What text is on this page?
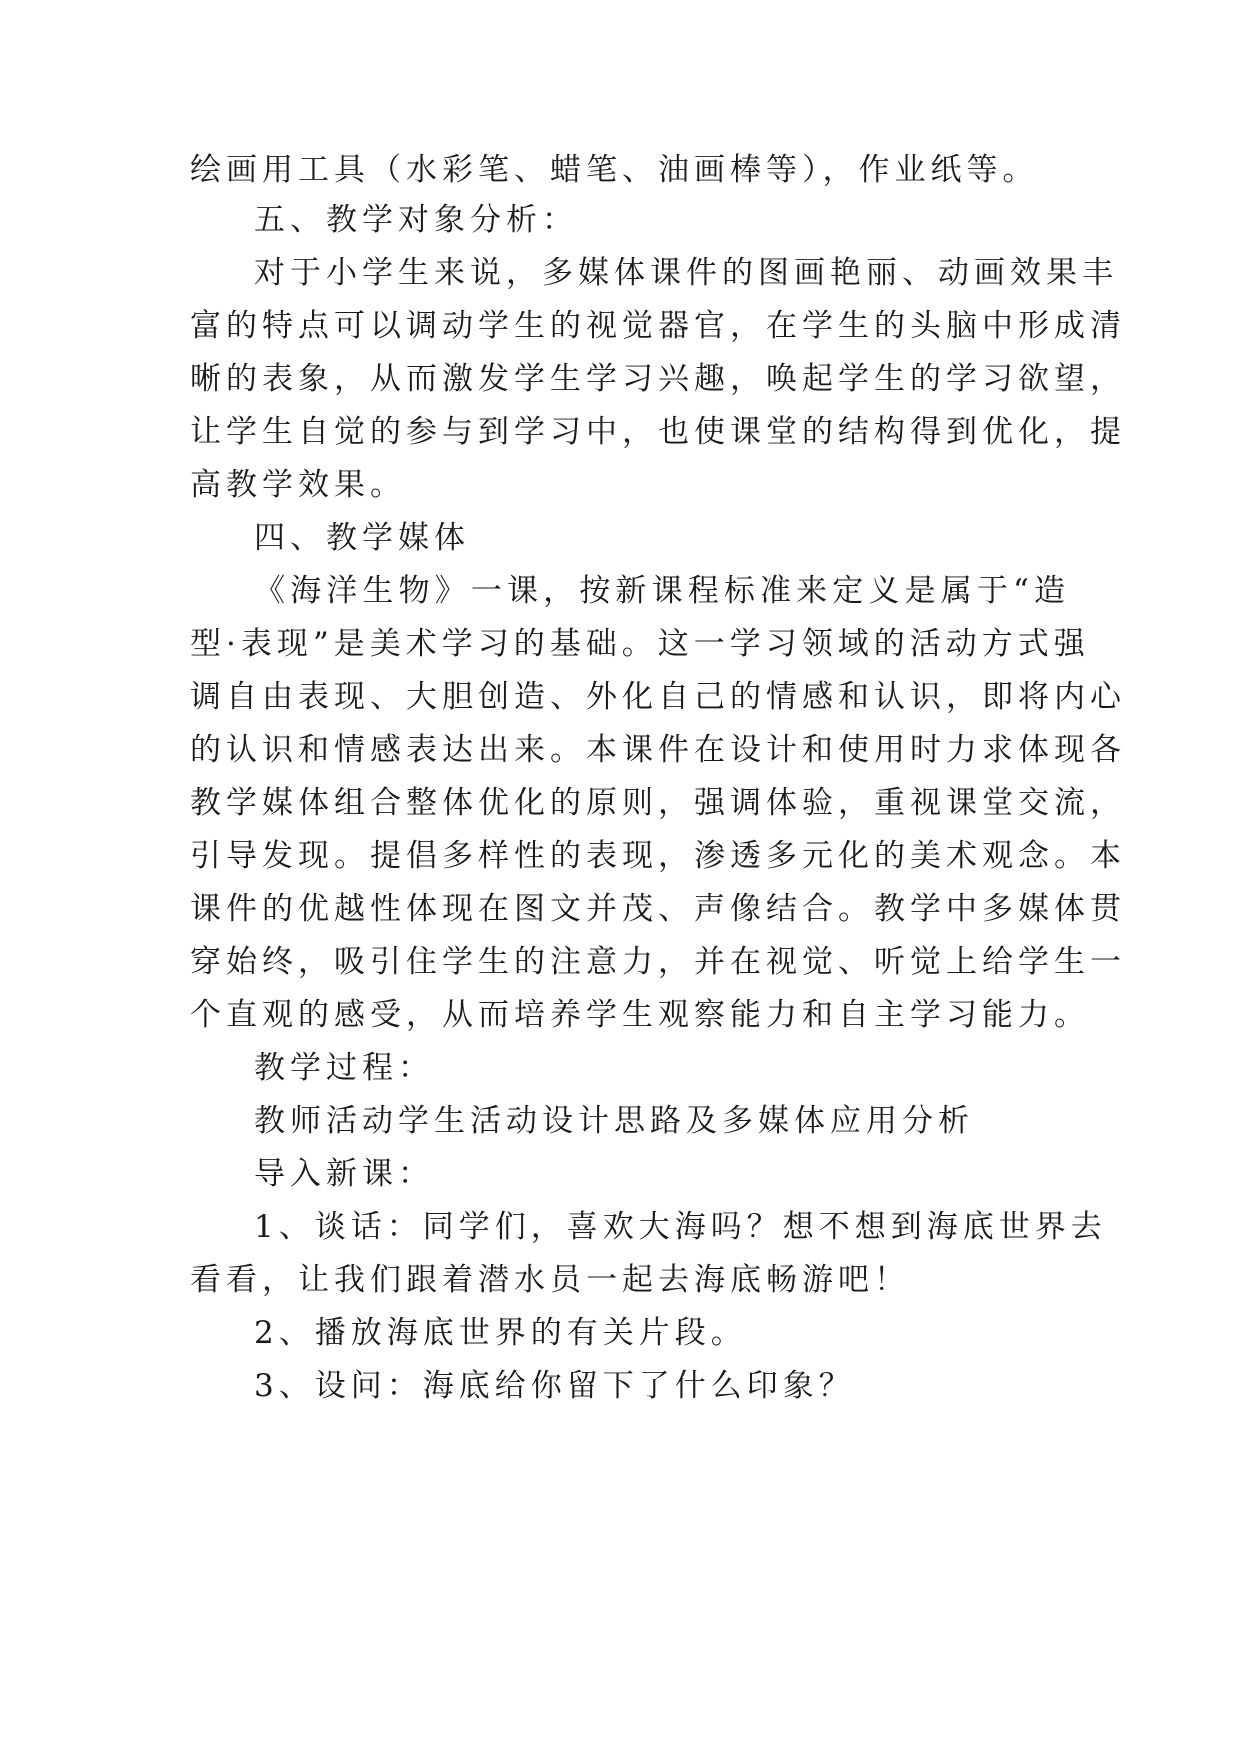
绘画用工具（水彩笔、蜡笔、油画棒等），作业纸等。
五、教学对象分析：
对于小学生来说，多媒体课件的图画艳丽、动画效果丰
富的特点可以调动学生的视觉器官，在学生的头脑中形成清
晰的表象，从而激发学生学习兴趣，唤起学生的学习欲望，
让学生自觉的参与到学习中，也使课堂的结构得到优化，提
高教学效果。
四、教学媒体
《海洋生物》一课，按新课程标准来定义是属于“造
型·表现”是美术学习的基础。这一学习领域的活动方式强
调自由表现、大胆创造、外化自己的情感和认识，即将内心
的认识和情感表达出来。本课件在设计和使用时力求体现各
教学媒体组合整体优化的原则，强调体验，重视课堂交流，
引导发现。提倡多样性的表现，渗透多元化的美术观念。本
课件的优越性体现在图文并茂、声像结合。教学中多媒体贯
穿始终，吸引住学生的注意力，并在视觉、听觉上给学生一
个直观的感受，从而培养学生观察能力和自主学习能力。
教学过程：
教师活动学生活动设计思路及多媒体应用分析
导入新课：
1、谈话：同学们，喜欢大海吗？想不想到海底世界去
看看，让我们跟着潜水员一起去海底畅游吧！
2、播放海底世界的有关片段。
3、设问：海底给你留下了什么印象？
